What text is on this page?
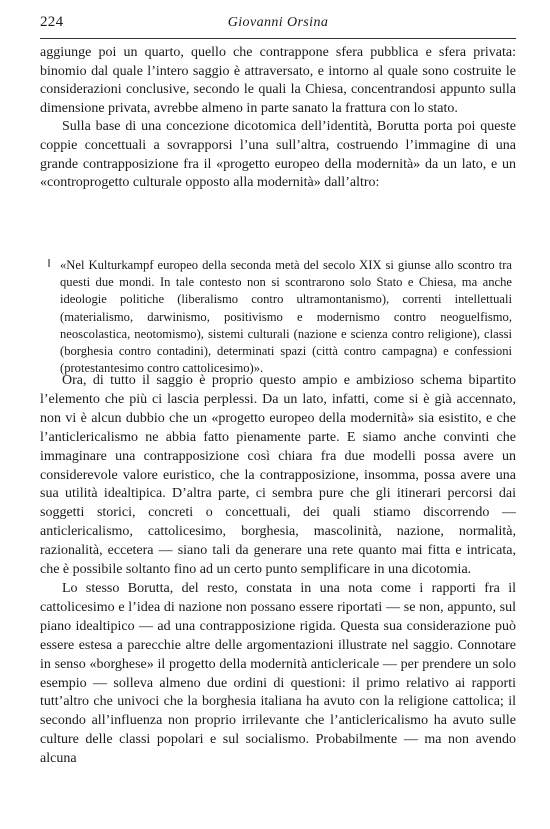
224	Giovanni Orsina

aggiunge poi un quarto, quello che contrappone sfera pubblica e sfera privata: binomio dal quale l’intero saggio è attraversato, e intorno al quale sono costruite le considerazioni conclusive, secondo le quali la Chiesa, concentrandosi appunto sulla dimensione privata, avrebbe almeno in parte sanato la frattura con lo stato.

Sulla base di una concezione dicotomica dell’identità, Borutta porta poi queste coppie concettuali a sovrapporsi l’una sull’altra, costruendo l’immagine di una grande contrapposizione fra il «progetto europeo della modernità» da un lato, e un «controprogetto culturale opposto alla modernità» dall’altro:

«Nel Kulturkampf europeo della seconda metà del secolo XIX si giunse allo scontro tra questi due mondi. In tale contesto non si scontrarono solo Stato e Chiesa, ma anche ideologie politiche (liberalismo contro ultramontanismo), correnti intellettuali (materialismo, darwinismo, positivismo e modernismo contro neoguelfismo, neoscolastica, neotomismo), sistemi culturali (nazione e scienza contro religione), classi (borghesia contro contadini), determinati spazi (città contro campagna) e confessioni (protestantesimo contro cattolicesimo)».

Ora, di tutto il saggio è proprio questo ampio e ambizioso schema bipartito l’elemento che più ci lascia perplessi. Da un lato, infatti, come si è già accennato, non vi è alcun dubbio che un «progetto europeo della modernità» sia esistito, e che l’anticlericalismo ne abbia fatto pienamente parte. E siamo anche convinti che immaginare una contrapposizione così chiara fra due modelli possa avere un considerevole valore euristico, che la contrapposizione, insomma, possa avere una sua utilità idealtipica. D’altra parte, ci sembra pure che gli itinerari percorsi dai soggetti storici, concreti o concettuali, dei quali stiamo discorrendo — anticlericalismo, cattolicesimo, borghesia, mascolinità, nazione, normalità, razionalità, eccetera — siano tali da generare una rete quanto mai fitta e intricata, che è possibile soltanto fino ad un certo punto semplificare in una dicotomia.

Lo stesso Borutta, del resto, constata in una nota come i rapporti fra il cattolicesimo e l’idea di nazione non possano essere riportati — se non, appunto, sul piano idealtipico — ad una contrapposizione rigida. Questa sua considerazione può essere estesa a parecchie altre delle argomentazioni illustrate nel saggio. Connotare in senso «borghese» il progetto della modernità anticlericale — per prendere un solo esempio — solleva almeno due ordini di questioni: il primo relativo ai rapporti tutt’altro che univoci che la borghesia italiana ha avuto con la religione cattolica; il secondo all’influenza non proprio irrilevante che l’anticlericalismo ha avuto sulle culture delle classi popolari e sul socialismo. Probabilmente — ma non avendo alcuna
